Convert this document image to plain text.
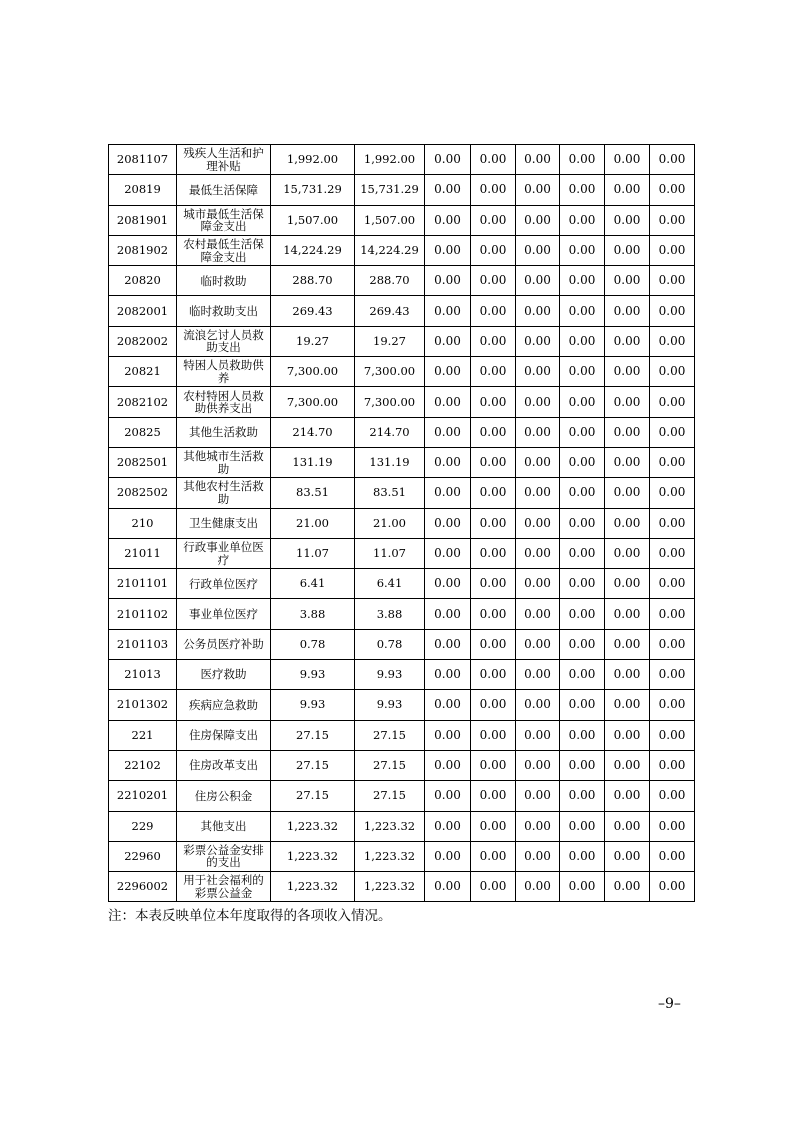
2081107	残疾人生活和护理补贴	1,992.00	1,992.00	0.00	0.00	0.00	0.00	0.00	0.00
20819	最低生活保障	15,731.29	15,731.29	0.00	0.00	0.00	0.00	0.00	0.00
2081901	城市最低生活保障金支出	1,507.00	1,507.00	0.00	0.00	0.00	0.00	0.00	0.00
2081902	农村最低生活保障金支出	14,224.29	14,224.29	0.00	0.00	0.00	0.00	0.00	0.00
20820	临时救助	288.70	288.70	0.00	0.00	0.00	0.00	0.00	0.00
2082001	临时救助支出	269.43	269.43	0.00	0.00	0.00	0.00	0.00	0.00
2082002	流浪乞讨人员救助支出	19.27	19.27	0.00	0.00	0.00	0.00	0.00	0.00
20821	特困人员救助供养	7,300.00	7,300.00	0.00	0.00	0.00	0.00	0.00	0.00
2082102	农村特困人员救助供养支出	7,300.00	7,300.00	0.00	0.00	0.00	0.00	0.00	0.00
20825	其他生活救助	214.70	214.70	0.00	0.00	0.00	0.00	0.00	0.00
2082501	其他城市生活救助	131.19	131.19	0.00	0.00	0.00	0.00	0.00	0.00
2082502	其他农村生活救助	83.51	83.51	0.00	0.00	0.00	0.00	0.00	0.00
210	卫生健康支出	21.00	21.00	0.00	0.00	0.00	0.00	0.00	0.00
21011	行政事业单位医疗	11.07	11.07	0.00	0.00	0.00	0.00	0.00	0.00
2101101	行政单位医疗	6.41	6.41	0.00	0.00	0.00	0.00	0.00	0.00
2101102	事业单位医疗	3.88	3.88	0.00	0.00	0.00	0.00	0.00	0.00
2101103	公务员医疗补助	0.78	0.78	0.00	0.00	0.00	0.00	0.00	0.00
21013	医疗救助	9.93	9.93	0.00	0.00	0.00	0.00	0.00	0.00
2101302	疾病应急救助	9.93	9.93	0.00	0.00	0.00	0.00	0.00	0.00
221	住房保障支出	27.15	27.15	0.00	0.00	0.00	0.00	0.00	0.00
22102	住房改革支出	27.15	27.15	0.00	0.00	0.00	0.00	0.00	0.00
2210201	住房公积金	27.15	27.15	0.00	0.00	0.00	0.00	0.00	0.00
229	其他支出	1,223.32	1,223.32	0.00	0.00	0.00	0.00	0.00	0.00
22960	彩票公益金安排的支出	1,223.32	1,223.32	0.00	0.00	0.00	0.00	0.00	0.00
2296002	用于社会福利的彩票公益金	1,223.32	1,223.32	0.00	0.00	0.00	0.00	0.00	0.00
注：本表反映单位本年度取得的各项收入情况。
–9–
